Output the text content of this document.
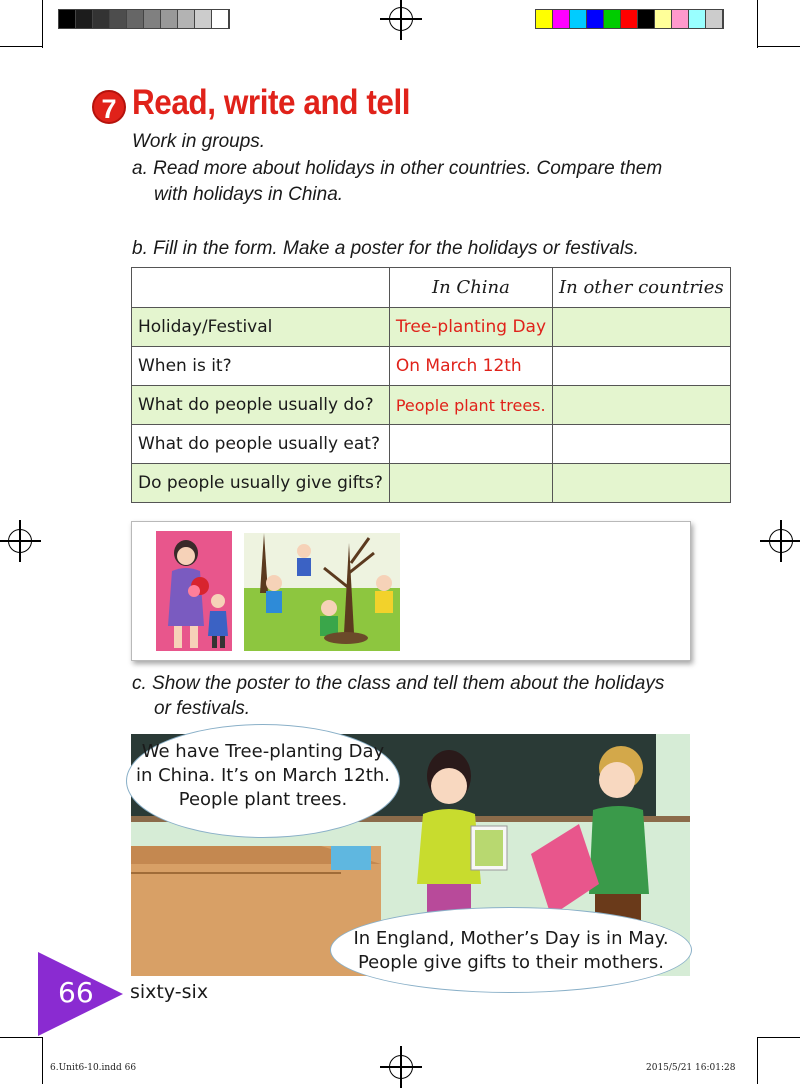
7 Read, write and tell
Work in groups.
a. Read more about holidays in other countries. Compare them
with holidays in China.
b. Fill in the form. Make a poster for the holidays or festivals.
	In China	In other countries
Holiday/Festival	Tree-planting Day	
When is it?	On March 12th	
What do people usually do?	People plant trees.	
What do people usually eat?		
Do people usually give gifts?		
c. Show the poster to the class and tell them about the holidays
or festivals.
We have Tree-planting Day
in China. It’s on March 12th.
People plant trees.
In England, Mother’s Day is in May.
People give gifts to their mothers.
66 sixty-six
6.Unit6-10.indd 66	2015/5/21 16:01:28
